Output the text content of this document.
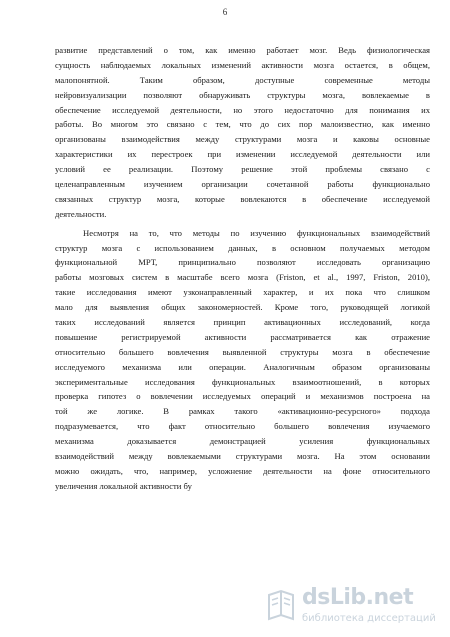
6
развитие представлений о том, как именно работает мозг. Ведь физиологическая
сущность наблюдаемых локальных изменений активности мозга остается, в общем,
малопонятной. Таким образом, доступные современные методы
нейровизуализации позволяют обнаруживать структуры мозга, вовлекаемые в
обеспечение исследуемой деятельности, но этого недостаточно для понимания их
работы. Во многом это связано с тем, что до сих пор малоизвестно, как именно
организованы взаимодействия между структурами мозга и каковы основные
характеристики их перестроек при изменении исследуемой деятельности или
условий ее реализации. Поэтому решение этой проблемы связано с
целенаправленным изучением организации сочетанной работы функционально
связанных структур мозга, которые вовлекаются в обеспечение исследуемой
деятельности.
Несмотря на то, что методы по изучению функциональных взаимодействий
структур мозга с использованием данных, в основном получаемых методом
функциональной МРТ, принципиально позволяют исследовать организацию
работы мозговых систем в масштабе всего мозга (Friston, et al., 1997, Friston, 2010),
такие исследования имеют узконаправленный характер, и их пока что слишком
мало для выявления общих закономерностей. Кроме того, руководящей логикой
таких исследований является принцип активационных исследований, когда
повышение регистрируемой активности рассматривается как отражение
относительно большего вовлечения выявленной структуры мозга в обеспечение
исследуемого механизма или операции. Аналогичным образом организованы
экспериментальные исследования функциональных взаимоотношений, в которых
проверка гипотез о вовлечении исследуемых операций и механизмов построена на
той же логике. В рамках такого «активационно-ресурсного» подхода
подразумевается, что факт относительно большего вовлечения изучаемого
механизма доказывается демонстрацией усиления функциональных
взаимодействий между вовлекаемыми структурами мозга. На этом основании
можно ожидать, что, например, усложнение деятельности на фоне относительного
увеличения локальной активности бу
dsLib.net
библиотека диссертаций
